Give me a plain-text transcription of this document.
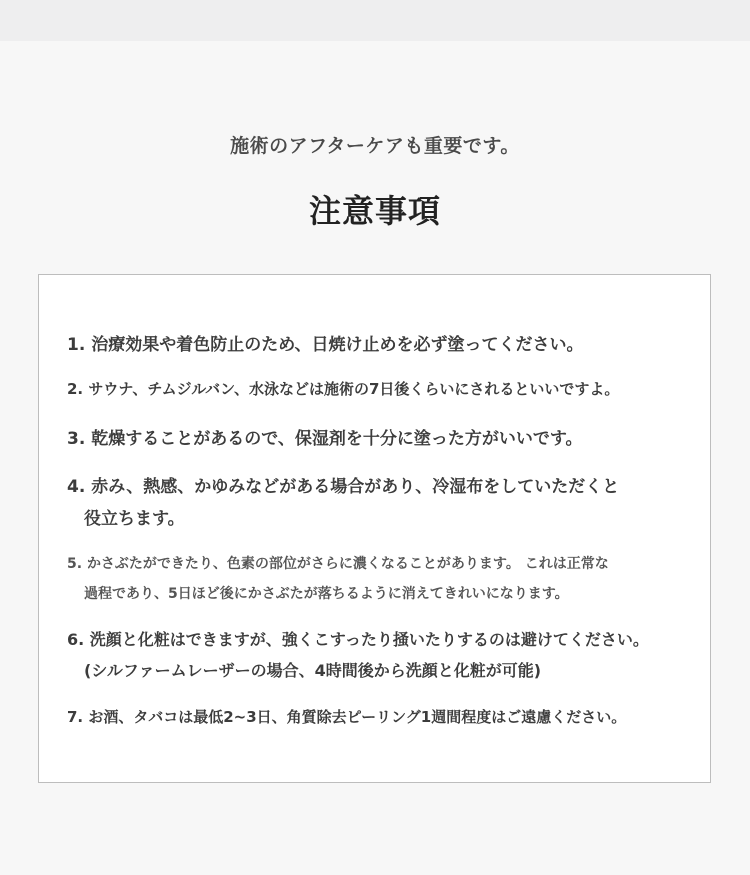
施術のアフターケアも重要です。
注意事項
1. 治療効果や着色防止のため、日焼け止めを必ず塗ってください。
2. サウナ、チムジルバン、水泳などは施術の7日後くらいにされるといいですよ。
3. 乾燥することがあるので、保湿剤を十分に塗った方がいいです。
4. 赤み、熱感、かゆみなどがある場合があり、冷湿布をしていただくと
役立ちます。
5. かさぶたができたり、色素の部位がさらに濃くなることがあります。 これは正常な
過程であり、5日ほど後にかさぶたが落ちるように消えてきれいになります。
6. 洗顔と化粧はできますが、強くこすったり掻いたりするのは避けてください。
(シルファームレーザーの場合、4時間後から洗顔と化粧が可能)
7. お酒、タバコは最低2~3日、角質除去ピーリング1週間程度はご遠慮ください。
